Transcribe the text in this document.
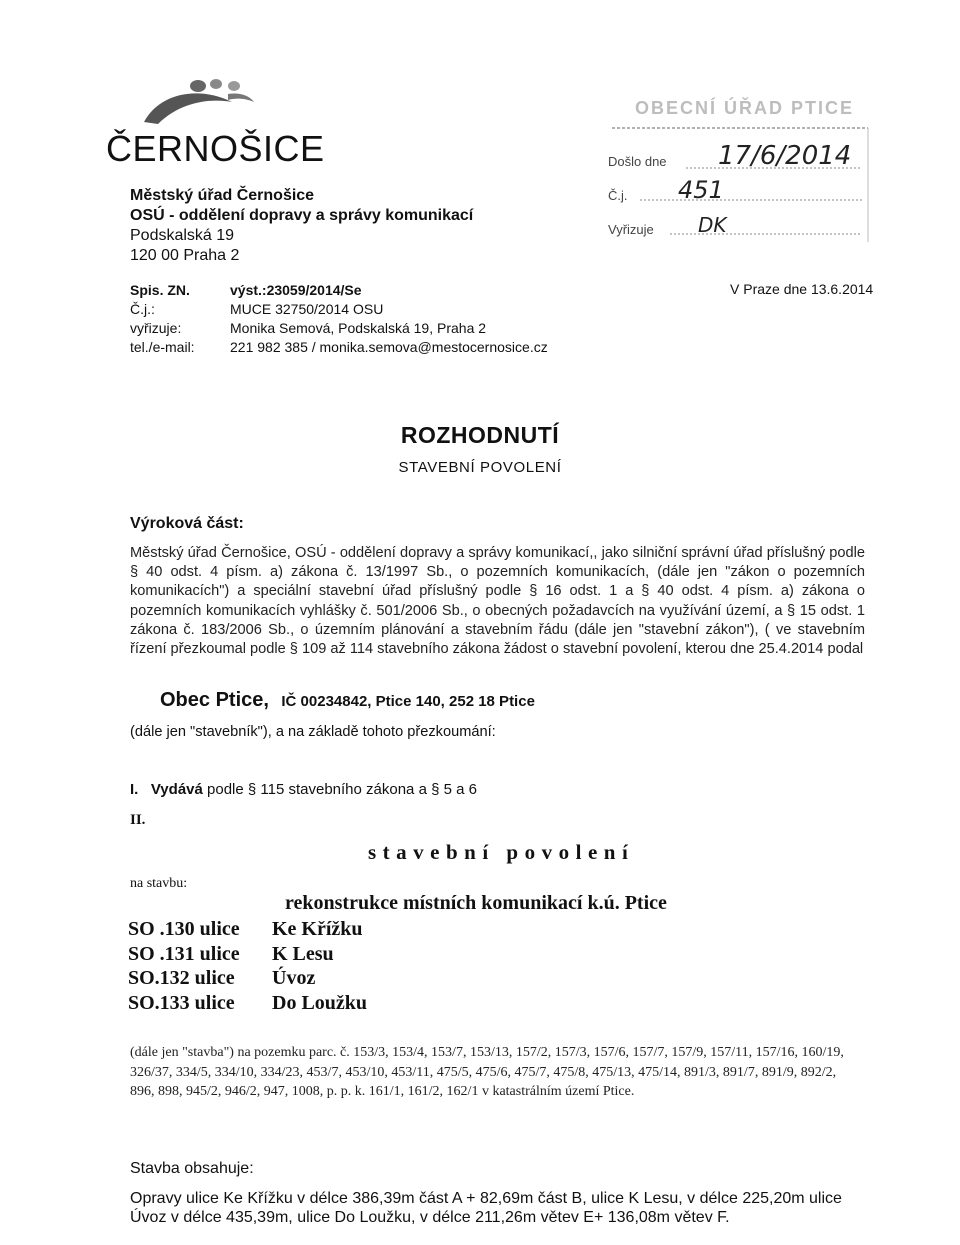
ČERNOŠICE
OBECNÍ ÚŘAD PTICE
Došlo dne 17/6/2014
Č.j. 451
Vyřizuje DK
Městský úřad Černošice
OSÚ - oddělení dopravy a správy komunikací
Podskalská 19
120 00 Praha 2
Spis. ZN.	výst.:23059/2014/Se
Č.j.:	MUCE 32750/2014 OSU
vyřizuje:	Monika Semová, Podskalská 19, Praha 2
tel./e-mail:	221 982 385 / monika.semova@mestocernosice.cz
V Praze dne 13.6.2014
ROZHODNUTÍ
STAVEBNÍ POVOLENÍ
Výroková část:
Městský úřad Černošice, OSÚ - oddělení dopravy a správy komunikací,, jako silniční správní úřad příslušný podle § 40 odst. 4 písm. a) zákona č. 13/1997 Sb., o pozemních komunikacích, (dále jen "zákon o pozemních komunikacích") a speciální stavební úřad příslušný podle § 16 odst. 1 a § 40 odst. 4 písm. a) zákona o pozemních komunikacích vyhlášky č. 501/2006 Sb., o obecných požadavcích na využívání území, a § 15 odst. 1 zákona č. 183/2006 Sb., o územním plánování a stavebním řádu (dále jen "stavební zákon"), ( ve stavebním řízení přezkoumal podle § 109 až 114 stavebního zákona žádost o stavební povolení, kterou dne 25.4.2014 podal
Obec Ptice, IČ 00234842, Ptice 140, 252 18 Ptice
(dále jen "stavebník"), a na základě tohoto přezkoumání:
I. Vydává podle § 115 stavebního zákona a § 5 a 6
II.
stavební povolení
na stavbu:
rekonstrukce místních komunikací k.ú. Ptice
SO .130 ulice	Ke Křížku
SO .131 ulice	K Lesu
SO.132 ulice	Úvoz
SO.133 ulice	Do Loužku
(dále jen "stavba") na pozemku parc. č. 153/3, 153/4, 153/7, 153/13, 157/2, 157/3, 157/6, 157/7, 157/9, 157/11, 157/16, 160/19, 326/37, 334/5, 334/10, 334/23, 453/7, 453/10, 453/11, 475/5, 475/6, 475/7, 475/8, 475/13, 475/14, 891/3, 891/7, 891/9, 892/2, 896, 898, 945/2, 946/2, 947, 1008, p. p. k. 161/1, 161/2, 162/1 v katastrálním území Ptice.
Stavba obsahuje:
Opravy ulice Ke Křížku v délce 386,39m část A + 82,69m část B, ulice K Lesu, v délce 225,20m ulice Úvoz v délce 435,39m, ulice Do Loužku, v délce 211,26m větev E+ 136,08m větev F.
